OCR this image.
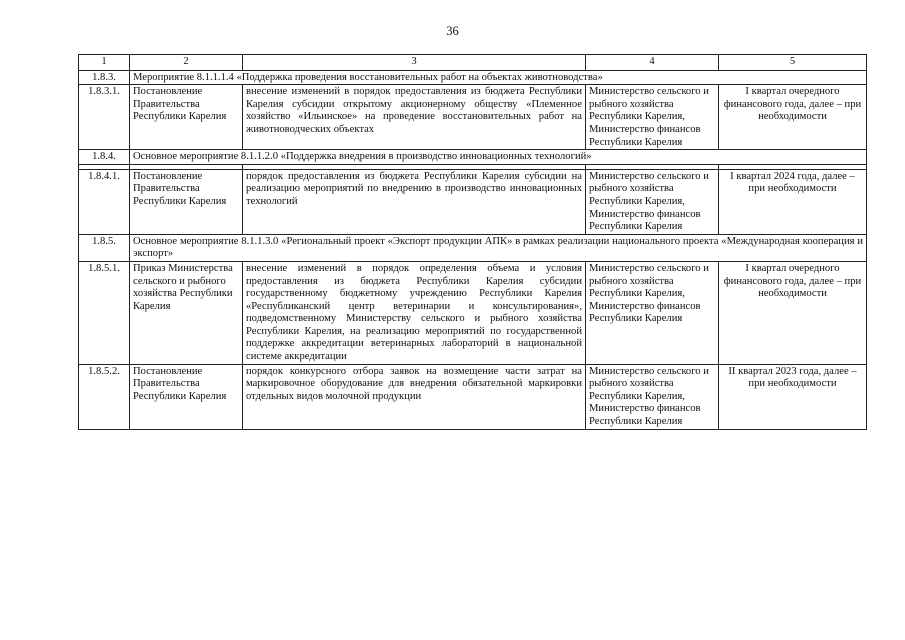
36
1	2	3	4	5
1.8.3.	Мероприятие 8.1.1.1.4 «Поддержка проведения восстановительных работ на объектах животноводства»			
1.8.3.1.	Постановление Правительства Республики Карелия	внесение изменений в порядок предоставления из бюджета Республики Карелия субсидии открытому акционерному обществу «Племенное хозяйство «Ильинское» на проведение восстановительных работ на животноводческих объектах	Министерство сельского и рыбного хозяйства Республики Карелия, Министерство финансов Республики Карелия	I квартал очередного финансового года, далее – при необходимости
1.8.4.	Основное мероприятие 8.1.1.2.0 «Поддержка внедрения в производство инновационных технологий»			

1.8.4.1.	Постановление Правительства Республики Карелия	порядок предоставления из бюджета Республики Карелия субсидии на реализацию мероприятий по внедрению в производство инновационных технологий	Министерство сельского и рыбного хозяйства Республики Карелия, Министерство финансов Республики Карелия	I квартал 2024 года, далее – при необходимости
1.8.5.	Основное мероприятие 8.1.1.3.0 «Региональный проект «Экспорт продукции АПК» в рамках реализации национального проекта «Международная кооперация и экспорт»			
1.8.5.1.	Приказ Министерства сельского и рыбного хозяйства Республики Карелия	внесение изменений в порядок определения объема и условия предоставления из бюджета Республики Карелия субсидии государственному бюджетному учреждению Республики Карелия «Республиканский центр ветеринарии и консультирования», подведомственному Министерству сельского и рыбного хозяйства Республики Карелия, на реализацию мероприятий по государственной поддержке аккредитации ветеринарных лабораторий в национальной системе аккредитации	Министерство сельского и рыбного хозяйства Республики Карелия, Министерство финансов Республики Карелия	I квартал очередного финансового года, далее – при необходимости
1.8.5.2.	Постановление Правительства Республики Карелия	порядок конкурсного отбора заявок на возмещение части затрат на маркировочное оборудование для внедрения обязательной маркировки отдельных видов молочной продукции	Министерство сельского и рыбного хозяйства Республики Карелия, Министерство финансов Республики Карелия	II квартал 2023 года, далее – при необходимости
